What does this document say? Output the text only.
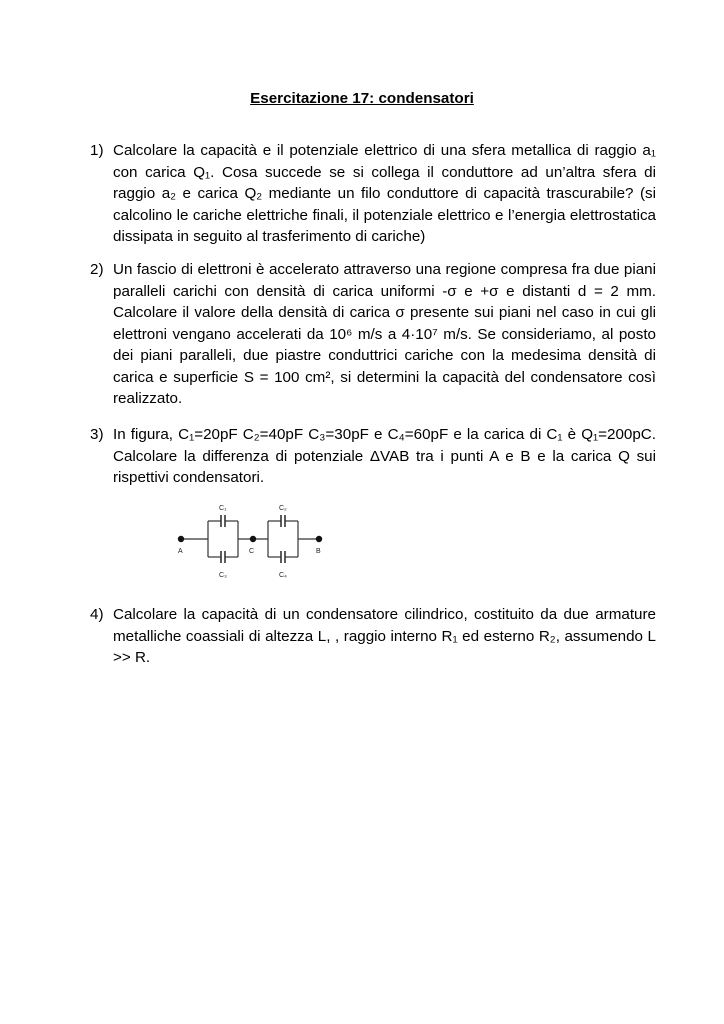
Esercitazione 17: condensatori
1) Calcolare la capacità e il potenziale elettrico di una sfera metallica di raggio a₁ con carica Q₁. Cosa succede se si collega il conduttore ad un’altra sfera di raggio a₂ e carica Q₂ mediante un filo conduttore di capacità trascurabile? (si calcolino le cariche elettriche finali, il potenziale elettrico e l’energia elettrostatica dissipata in seguito al trasferimento di cariche)
2) Un fascio di elettroni è accelerato attraverso una regione compresa fra due piani paralleli carichi con densità di carica uniformi -σ e +σ e distanti d = 2 mm. Calcolare il valore della densità di carica σ presente sui piani nel caso in cui gli elettroni vengano accelerati da 10⁶ m/s a 4·10⁷ m/s. Se consideriamo, al posto dei piani paralleli, due piastre conduttrici cariche con la medesima densità di carica e superficie S = 100 cm², si determini la capacità del condensatore così realizzato.
3) In figura, C₁=20pF C₂=40pF C₃=30pF e C₄=60pF e la carica di C₁ è Q₁=200pC. Calcolare la differenza di potenziale ΔVAB tra i punti A e B e la carica Q sui rispettivi condensatori.
C₁	C₂
C₃	C₄
A	C	B
4) Calcolare la capacità di un condensatore cilindrico, costituito da due armature metalliche coassiali di altezza L, , raggio interno R₁ ed esterno R₂, assumendo L >> R.
